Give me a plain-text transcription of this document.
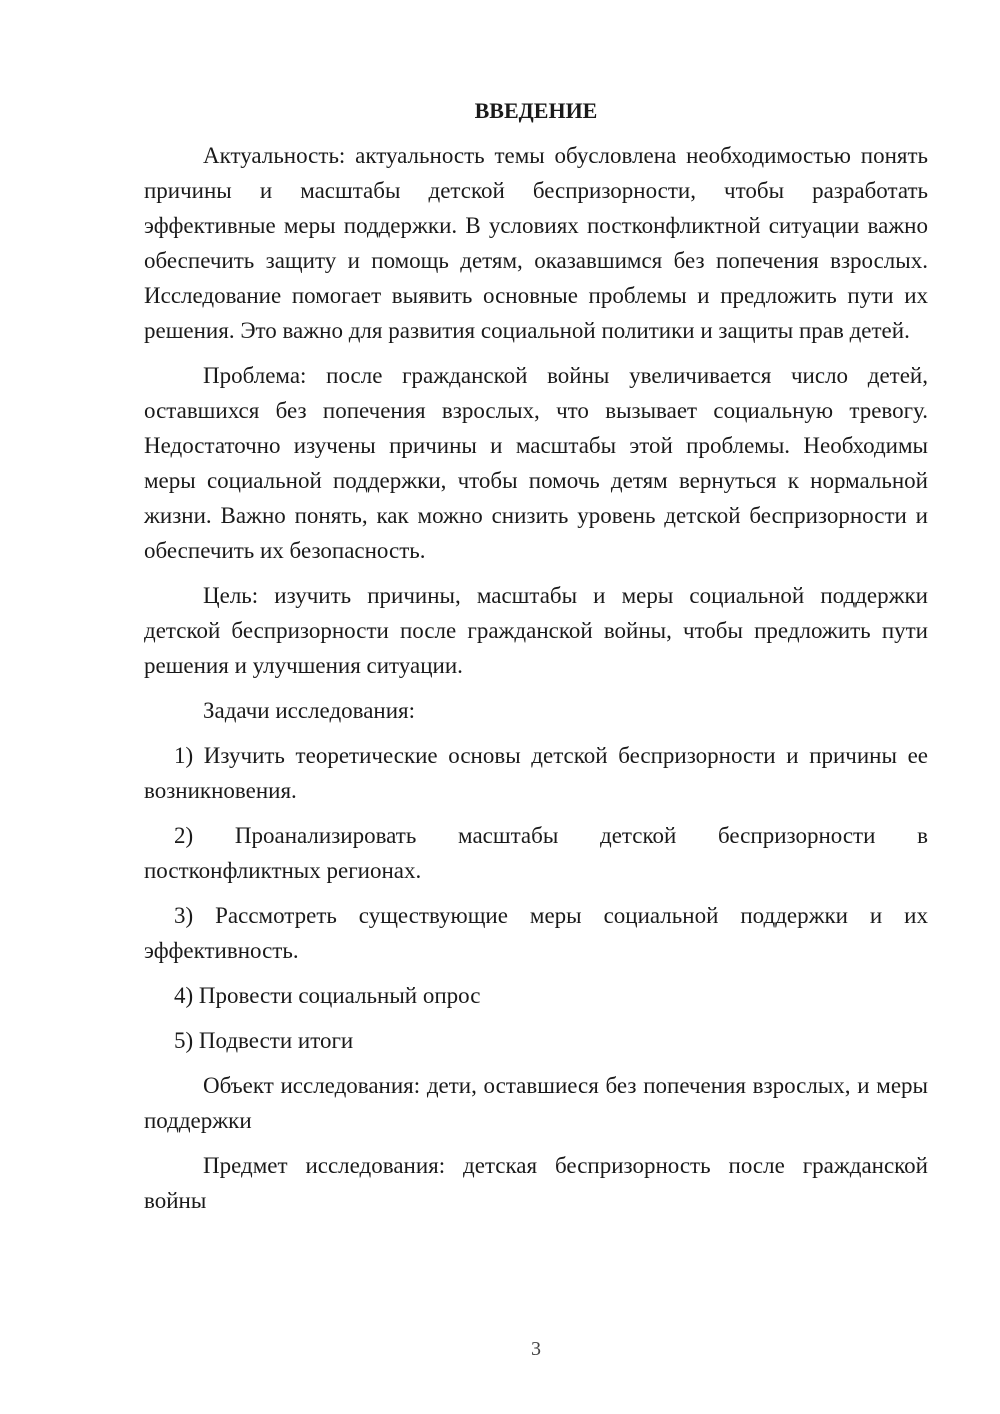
ВВЕДЕНИЕ

Актуальность: актуальность темы обусловлена необходимостью понять причины и масштабы детской беспризорности, чтобы разработать эффективные меры поддержки. В условиях постконфликтной ситуации важно обеспечить защиту и помощь детям, оказавшимся без попечения взрослых. Исследование помогает выявить основные проблемы и предложить пути их решения. Это важно для развития социальной политики и защиты прав детей.

Проблема: после гражданской войны увеличивается число детей, оставшихся без попечения взрослых, что вызывает социальную тревогу. Недостаточно изучены причины и масштабы этой проблемы. Необходимы меры социальной поддержки, чтобы помочь детям вернуться к нормальной жизни. Важно понять, как можно снизить уровень детской беспризорности и обеспечить их безопасность.

Цель: изучить причины, масштабы и меры социальной поддержки детской беспризорности после гражданской войны, чтобы предложить пути решения и улучшения ситуации.

Задачи исследования:

1) Изучить теоретические основы детской беспризорности и причины ее возникновения.

2) Проанализировать масштабы детской беспризорности в постконфликтных регионах.

3) Рассмотреть существующие меры социальной поддержки и их эффективность.

4) Провести социальный опрос

5) Подвести итоги

Объект исследования: дети, оставшиеся без попечения взрослых, и меры поддержки

Предмет исследования: детская беспризорность после гражданской войны

3
